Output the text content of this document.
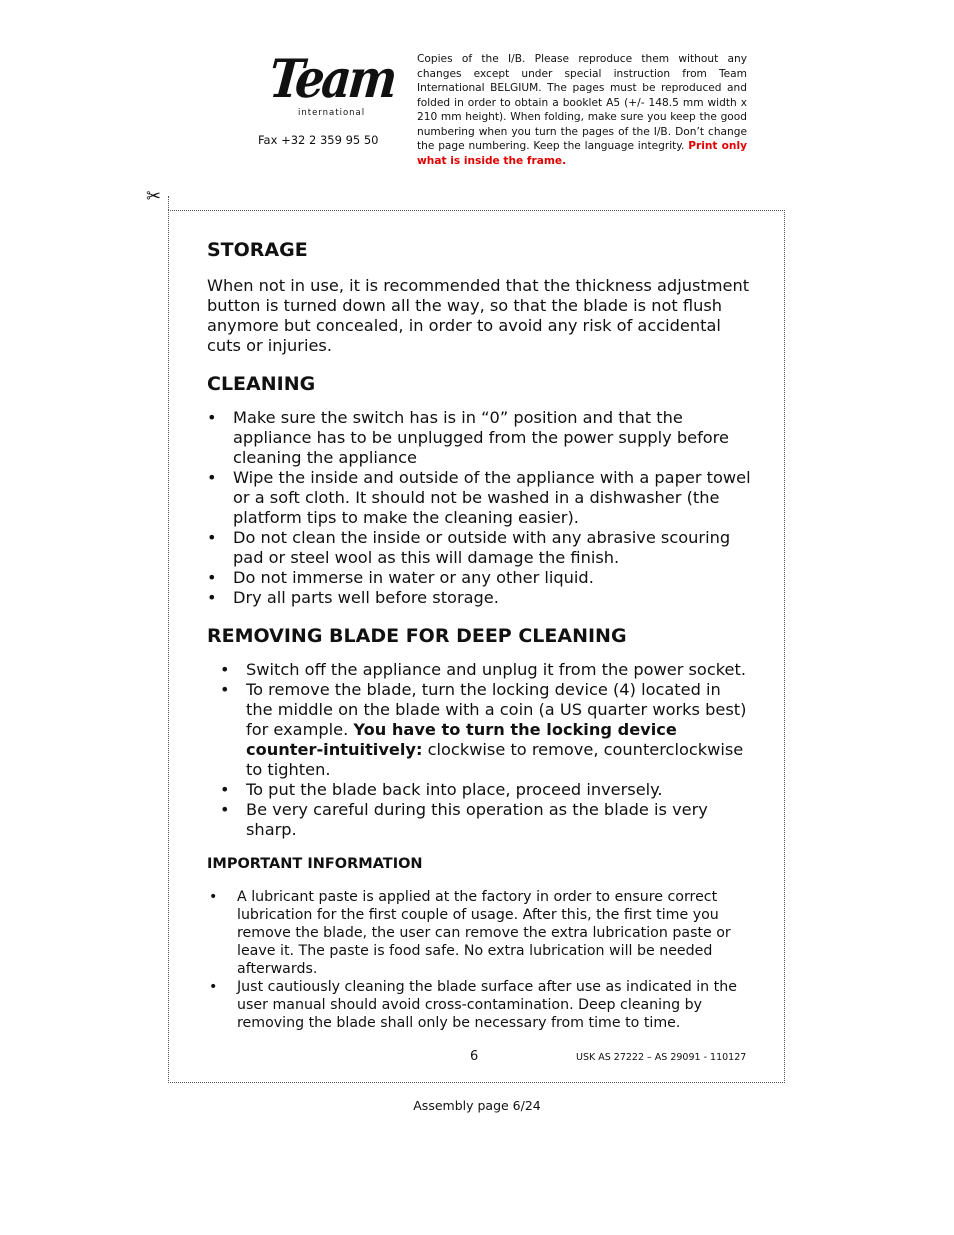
Team
international
Fax +32 2 359 95 50
Copies of the I/B. Please reproduce them without any changes except under special instruction from Team International BELGIUM. The pages must be reproduced and folded in order to obtain a booklet A5 (+/- 148.5 mm width x 210 mm height). When folding, make sure you keep the good numbering when you turn the pages of the I/B. Don’t change the page numbering. Keep the language integrity. Print only what is inside the frame.
✂
STORAGE

When not in use, it is recommended that the thickness adjustment button is turned down all the way, so that the blade is not flush anymore but concealed, in order to avoid any risk of accidental cuts or injuries.

CLEANING
• Make sure the switch has is in “0” position and that the appliance has to be unplugged from the power supply before cleaning the appliance
• Wipe the inside and outside of the appliance with a paper towel or a soft cloth. It should not be washed in a dishwasher (the platform tips to make the cleaning easier).
• Do not clean the inside or outside with any abrasive scouring pad or steel wool as this will damage the finish.
• Do not immerse in water or any other liquid.
• Dry all parts well before storage.
REMOVING BLADE FOR DEEP CLEANING
• Switch off the appliance and unplug it from the power socket.
• To remove the blade, turn the locking device (4) located in the middle on the blade with a coin (a US quarter works best) for example. You have to turn the locking device counter-intuitively: clockwise to remove, counterclockwise to tighten.
• To put the blade back into place, proceed inversely.
• Be very careful during this operation as the blade is very sharp.
IMPORTANT INFORMATION
• A lubricant paste is applied at the factory in order to ensure correct lubrication for the first couple of usage. After this, the first time you remove the blade, the user can remove the extra lubrication paste or leave it. The paste is food safe. No extra lubrication will be needed afterwards.
• Just cautiously cleaning the blade surface after use as indicated in the user manual should avoid cross-contamination. Deep cleaning by removing the blade shall only be necessary from time to time.
6	USK AS 27222 – AS 29091 - 110127
Assembly page 6/24
